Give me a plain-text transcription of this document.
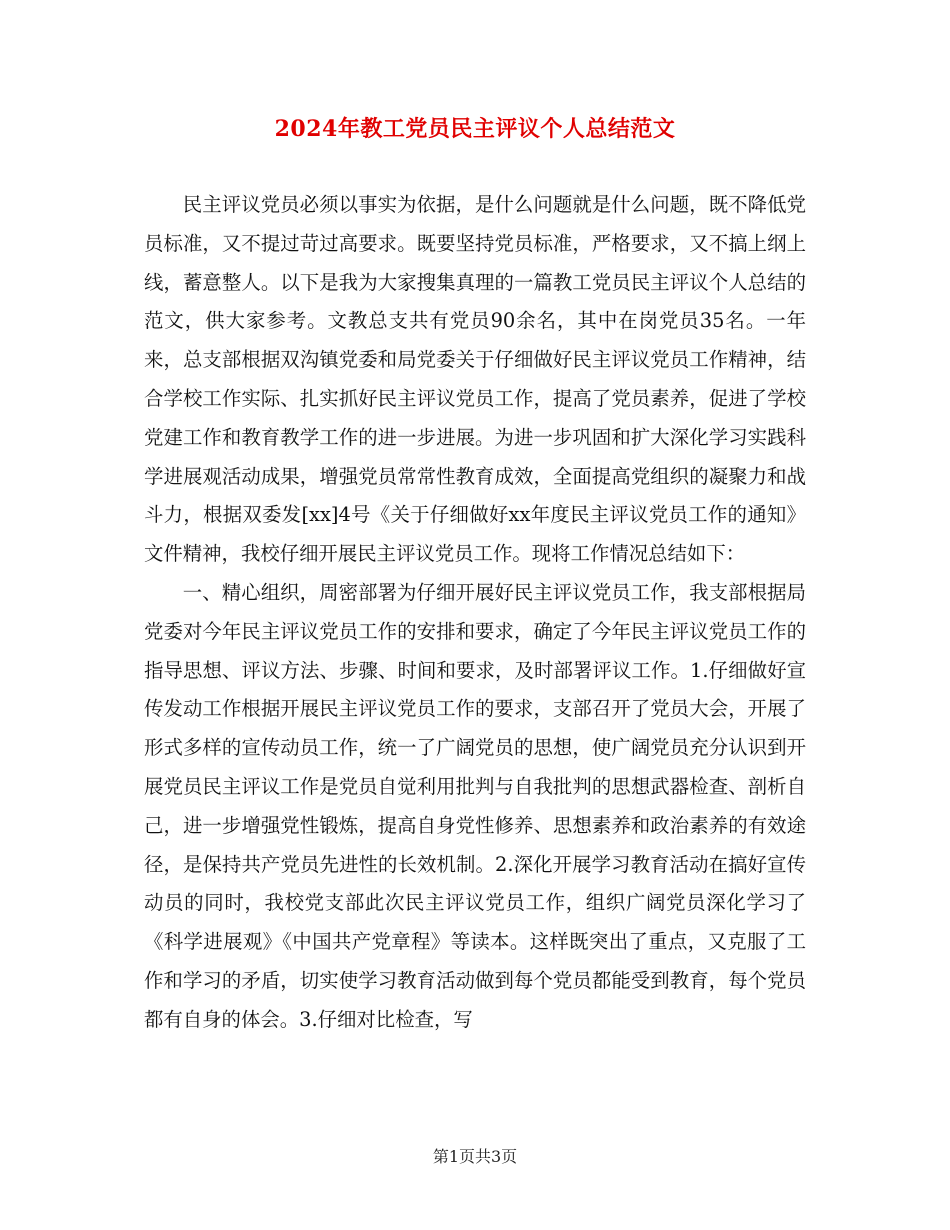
2024年教工党员民主评议个人总结范文

民主评议党员必须以事实为依据，是什么问题就是什么问题，既不降低党员标准，又不提过苛过高要求。既要坚持党员标准，严格要求，又不搞上纲上线，蓄意整人。以下是我为大家搜集真理的一篇教工党员民主评议个人总结的范文，供大家参考。文教总支共有党员90余名，其中在岗党员35名。一年来，总支部根据双沟镇党委和局党委关于仔细做好民主评议党员工作精神，结合学校工作实际、扎实抓好民主评议党员工作，提高了党员素养，促进了学校党建工作和教育教学工作的进一步进展。为进一步巩固和扩大深化学习实践科学进展观活动成果，增强党员常常性教育成效，全面提高党组织的凝聚力和战斗力，根据双委发[xx]4号《关于仔细做好xx年度民主评议党员工作的通知》文件精神，我校仔细开展民主评议党员工作。现将工作情况总结如下：

一、精心组织，周密部署为仔细开展好民主评议党员工作，我支部根据局党委对今年民主评议党员工作的安排和要求，确定了今年民主评议党员工作的指导思想、评议方法、步骤、时间和要求，及时部署评议工作。1.仔细做好宣传发动工作根据开展民主评议党员工作的要求，支部召开了党员大会，开展了形式多样的宣传动员工作，统一了广阔党员的思想，使广阔党员充分认识到开展党员民主评议工作是党员自觉利用批判与自我批判的思想武器检查、剖析自己，进一步增强党性锻炼，提高自身党性修养、思想素养和政治素养的有效途径，是保持共产党员先进性的长效机制。2.深化开展学习教育活动在搞好宣传动员的同时，我校党支部此次民主评议党员工作，组织广阔党员深化学习了《科学进展观》《中国共产党章程》等读本。这样既突出了重点，又克服了工作和学习的矛盾，切实使学习教育活动做到每个党员都能受到教育，每个党员都有自身的体会。3.仔细对比检查，写

第1页共3页
